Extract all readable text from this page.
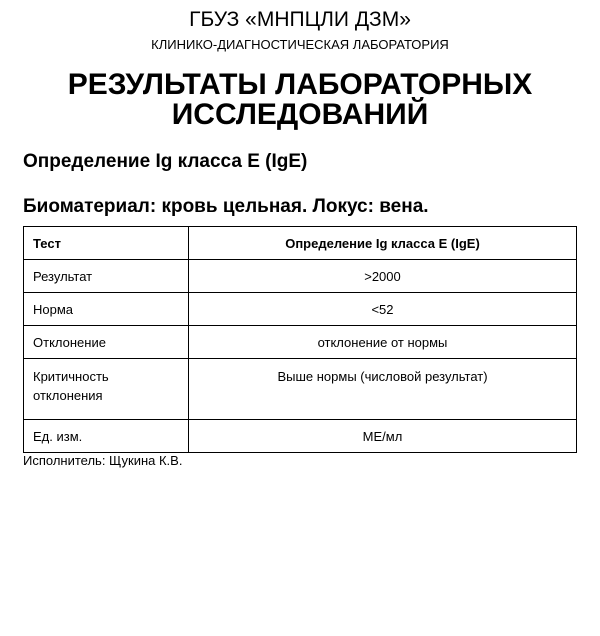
ГБУЗ «МНПЦЛИ ДЗМ»
КЛИНИКО-ДИАГНОСТИЧЕСКАЯ ЛАБОРАТОРИЯ
РЕЗУЛЬТАТЫ ЛАБОРАТОРНЫХ
ИССЛЕДОВАНИЙ
Определение Ig класса E (IgE)
Биоматериал: кровь цельная. Локус: вена.
Тест	Определение Ig класса E (IgE)
Результат	>2000
Норма	<52
Отклонение	отклонение от нормы
Критичность отклонения	Выше нормы (числовой результат)
Ед. изм.	МЕ/мл
Исполнитель: Щукина К.В.
